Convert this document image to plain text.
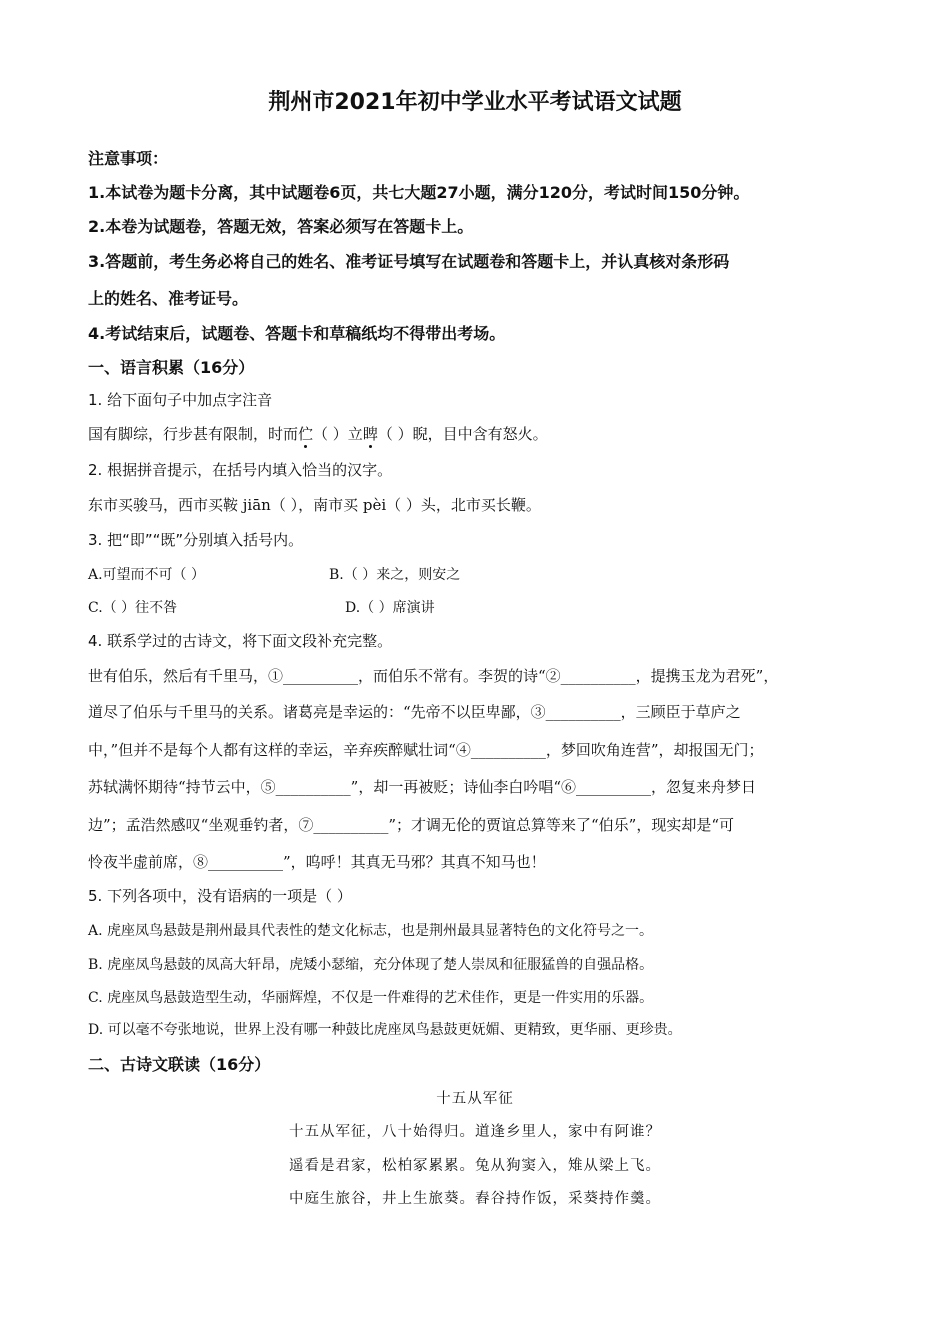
荆州市2021年初中学业水平考试语文试题
注意事项：
1.本试卷为题卡分离，其中试题卷6页，共七大题27小题，满分120分，考试时间150分钟。
2.本卷为试题卷，答题无效，答案必须写在答题卡上。
3.答题前，考生务必将自己的姓名、准考证号填写在试题卷和答题卡上，并认真核对条形码
上的姓名、准考证号。
4.考试结束后，试题卷、答题卡和草稿纸均不得带出考场。
一、语言积累（16分）
1. 给下面句子中加点字注音
国有脚综，行步甚有限制，时而伫（ ）立睥（ ）睨，目中含有怒火。
2. 根据拼音提示，在括号内填入恰当的汉字。
东市买骏马，西市买鞍 jiān（ ），南市买 pèi（ ）头，北市买长鞭。
3. 把“即”“既”分别填入括号内。
A.可望而不可（ ）	B.（ ）来之，则安之
C.（ ）往不咎	D.（ ）席演讲
4. 联系学过的古诗文，将下面文段补充完整。
世有伯乐，然后有千里马，①__________，而伯乐不常有。李贺的诗“②__________，提携玉龙为君死”，
道尽了伯乐与千里马的关系。诸葛亮是幸运的：“先帝不以臣卑鄙，③__________，三顾臣于草庐之
中，”但并不是每个人都有这样的幸运，辛弃疾醉赋壮词“④__________，梦回吹角连营”，却报国无门；
苏轼满怀期待“持节云中，⑤__________”，却一再被贬；诗仙李白吟唱“⑥__________，忽复来舟梦日
边”；孟浩然感叹“坐观垂钓者，⑦__________”；才调无伦的贾谊总算等来了“伯乐”，现实却是“可
怜夜半虚前席，⑧__________”，呜呼！其真无马邪？其真不知马也！
5. 下列各项中，没有语病的一项是（ ）
A. 虎座凤鸟悬鼓是荆州最具代表性的楚文化标志，也是荆州最具显著特色的文化符号之一。
B. 虎座凤鸟悬鼓的凤高大轩昂，虎矮小瑟缩，充分体现了楚人崇凤和征服猛兽的自强品格。
C. 虎座凤鸟悬鼓造型生动，华丽辉煌，不仅是一件难得的艺术佳作，更是一件实用的乐器。
D. 可以毫不夸张地说，世界上没有哪一种鼓比虎座凤鸟悬鼓更妩媚、更精致，更华丽、更珍贵。
二、古诗文联读（16分）
十五从军征
十五从军征，八十始得归。道逢乡里人，家中有阿谁？
遥看是君家，松柏冢累累。兔从狗窦入，雉从梁上飞。
中庭生旅谷，井上生旅葵。舂谷持作饭，采葵持作羹。
